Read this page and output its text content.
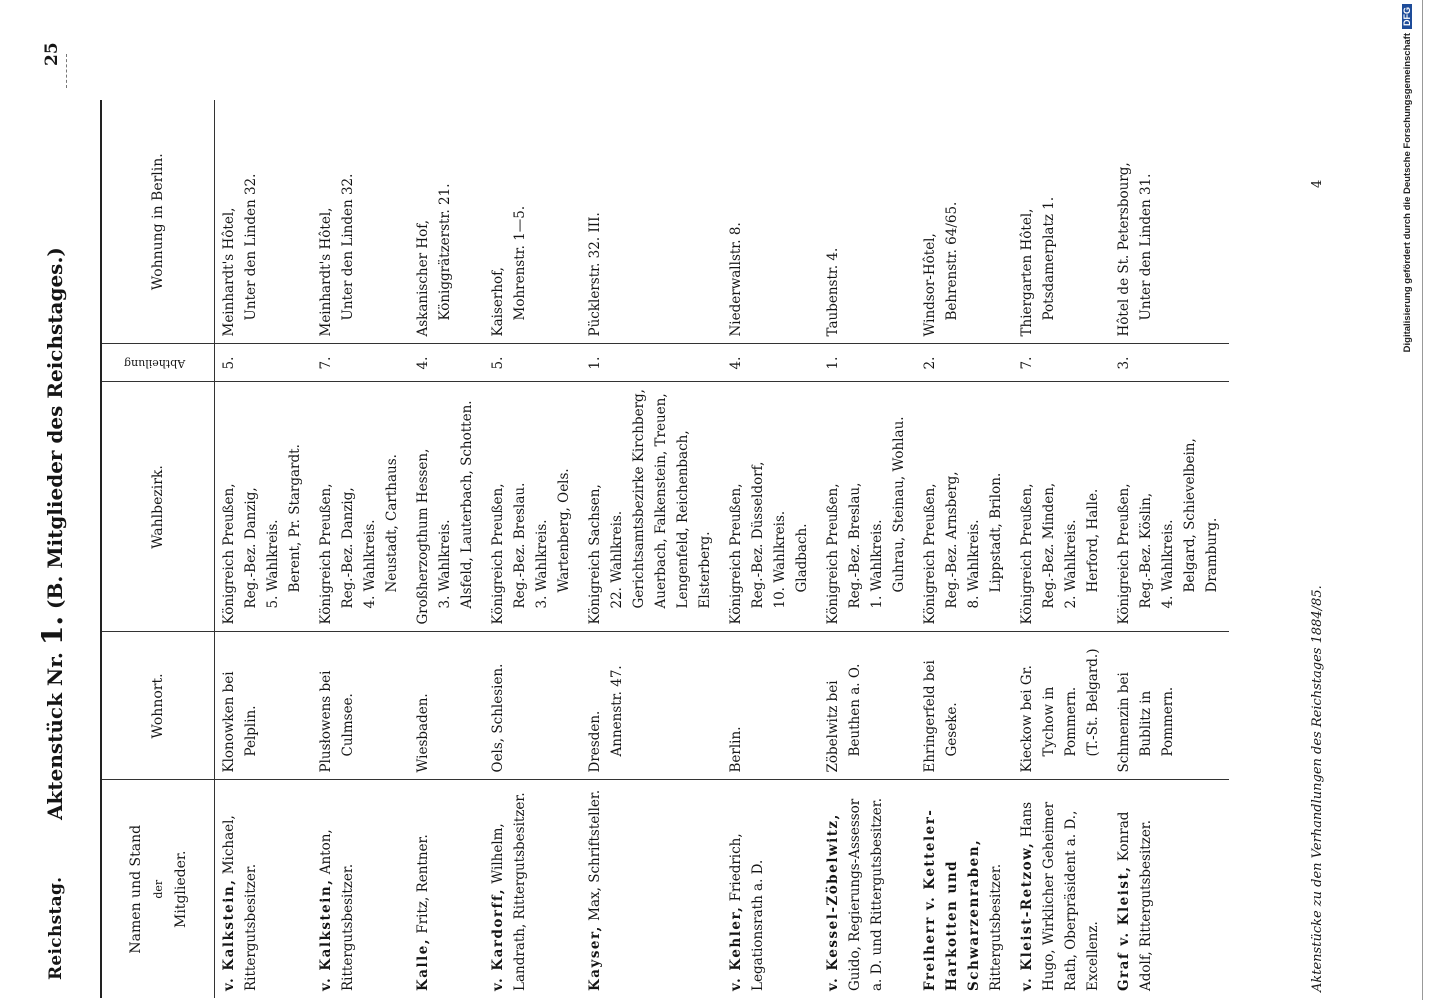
Reichstag.
Aktenstück Nr. 1. (B. Mitglieder des Reichstages.)
25
Namen und Stand der Mitglieder.	Wohnort.	Wahlbezirk.	Abtheilung	Wohnung in Berlin.
v. Kalkstein, Michael, Rittergutsbesitzer.	Klonowken bei Pelplin.	Königreich Preußen, Reg.-Bez. Danzig, 5. Wahlkreis. Berent, Pr. Stargardt.	5.	Meinhardt's Hôtel, Unter den Linden 32.

v. Kalkstein, Anton, Rittergutsbesitzer.	Plusłowens bei Culmsee.	Königreich Preußen, Reg.-Bez. Danzig, 4. Wahlkreis. Neustadt, Carthaus.	7.	Meinhardt's Hôtel, Unter den Linden 32.

Kalle, Fritz, Rentner.	Wiesbaden.	Großherzogthum Hessen, 3. Wahlkreis. Alsfeld, Lauterbach, Schotten.	4.	Askanischer Hof, Königgrätzerstr. 21.

v. Kardorff, Wilhelm, Landrath, Rittergutsbesitzer.	Oels, Schlesien.	Königreich Preußen, Reg.-Bez. Breslau. 3. Wahlkreis. Wartenberg, Oels.	5.	Kaiserhof, Mohrenstr. 1—5.

Kayser, Max, Schriftsteller.	Dresden. Annenstr. 47.	Königreich Sachsen, 22. Wahlkreis. Gerichtsamtsbezirke Kirchberg, Auerbach, Falkenstein, Treuen, Lengenfeld, Reichenbach, Elsterberg.	1.	Pücklerstr. 32. III.

v. Kehler, Friedrich, Legationsrath a. D.	Berlin.	Königreich Preußen, Reg.-Bez. Düsseldorf, 10. Wahlkreis. Gladbach.	4.	Niederwallstr. 8.

v. Kessel-Zöbelwitz, Guido, Regierungs-Assessor a. D. und Rittergutsbesitzer.	Zöbelwitz bei Beuthen a. O.	Königreich Preußen, Reg.-Bez. Breslau, 1. Wahlkreis. Guhrau, Steinau, Wohlau.	1.	Taubenstr. 4.

Freiherr v. Ketteler-Harkotten und Schwarzenraben, Rittergutsbesitzer.	Ehringerfeld bei Geseke.	Königreich Preußen, Reg.-Bez. Arnsberg, 8. Wahlkreis. Lippstadt, Brilon.	2.	Windsor-Hôtel, Behrenstr. 64/65.

v. Kleist-Retzow, Hans Hugo, Wirklicher Geheimer Rath, Oberpräsident a. D., Excellenz.	Kieckow bei Gr. Tychow in Pommern. (T.-St. Belgard.)	Königreich Preußen, Reg.-Bez. Minden, 2. Wahlkreis. Herford, Halle.	7.	Thiergarten Hôtel, Potsdamerplatz 1.

Graf v. Kleist, Konrad Adolf, Rittergutsbesitzer.	Schmenzin bei Bublitz in Pommern.	Königreich Preußen, Reg.-Bez. Köslin, 4. Wahlkreis. Belgard, Schievelbein, Dramburg.	3.	Hôtel de St. Petersbourg, Unter den Linden 31.
Aktenstücke zu den Verhandlungen des Reichstages 1884/85.
4	Digitalisierung gefördert durch die Deutsche ForschungsgemeinschaftDFG
